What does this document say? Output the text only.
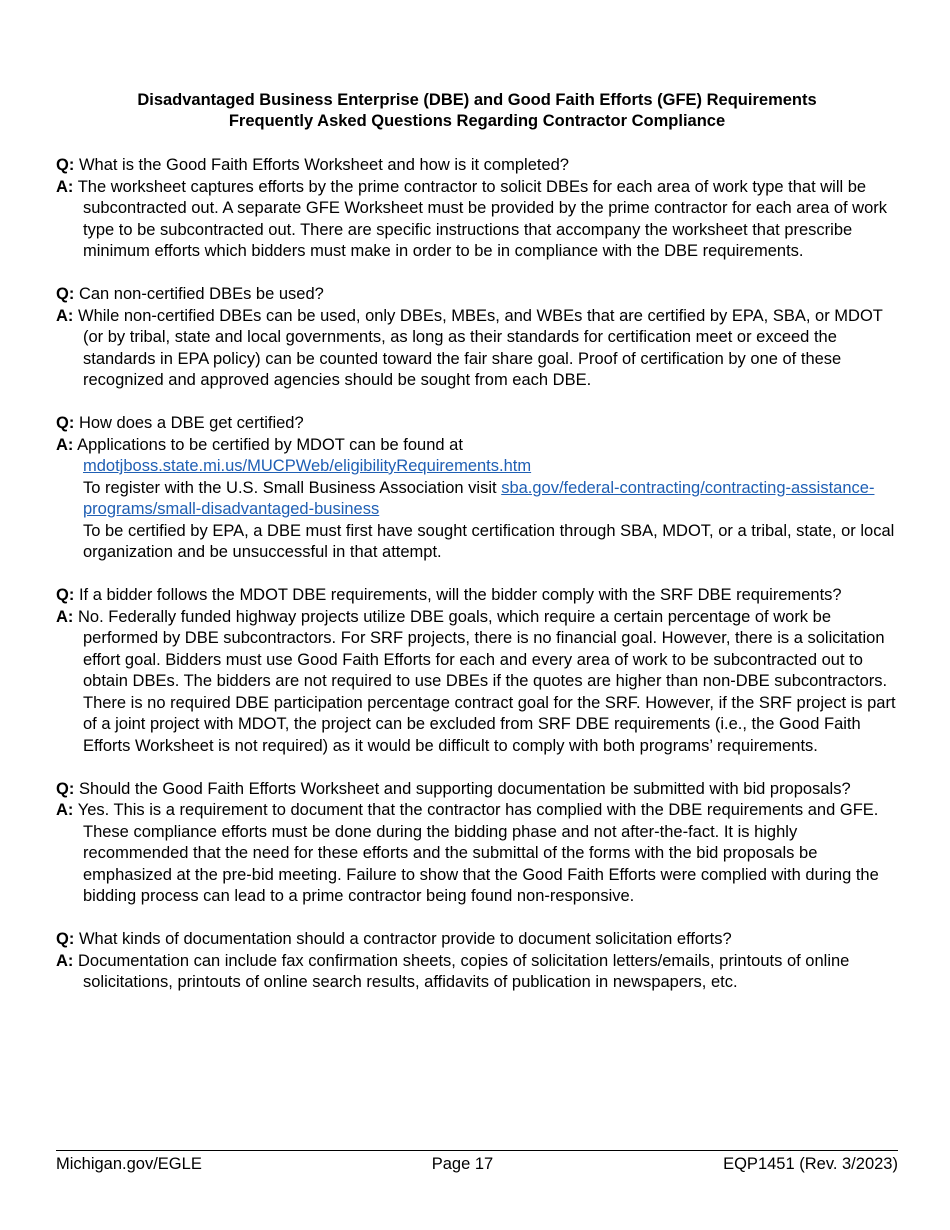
Disadvantaged Business Enterprise (DBE) and Good Faith Efforts (GFE) Requirements
Frequently Asked Questions Regarding Contractor Compliance

Q: What is the Good Faith Efforts Worksheet and how is it completed?

A: The worksheet captures efforts by the prime contractor to solicit DBEs for each area of work type that will be subcontracted out. A separate GFE Worksheet must be provided by the prime contractor for each area of work type to be subcontracted out. There are specific instructions that accompany the worksheet that prescribe minimum efforts which bidders must make in order to be in compliance with the DBE requirements.

Q: Can non-certified DBEs be used?

A: While non-certified DBEs can be used, only DBEs, MBEs, and WBEs that are certified by EPA, SBA, or MDOT (or by tribal, state and local governments, as long as their standards for certification meet or exceed the standards in EPA policy) can be counted toward the fair share goal. Proof of certification by one of these recognized and approved agencies should be sought from each DBE.

Q: How does a DBE get certified?

A: Applications to be certified by MDOT can be found at
mdotjboss.state.mi.us/MUCPWeb/eligibilityRequirements.htm
To register with the U.S. Small Business Association visit sba.gov/federal-contracting/contracting-assistance-programs/small-disadvantaged-business
To be certified by EPA, a DBE must first have sought certification through SBA, MDOT, or a tribal, state, or local organization and be unsuccessful in that attempt.

Q: If a bidder follows the MDOT DBE requirements, will the bidder comply with the SRF DBE requirements?

A: No. Federally funded highway projects utilize DBE goals, which require a certain percentage of work be performed by DBE subcontractors. For SRF projects, there is no financial goal. However, there is a solicitation effort goal. Bidders must use Good Faith Efforts for each and every area of work to be subcontracted out to obtain DBEs. The bidders are not required to use DBEs if the quotes are higher than non-DBE subcontractors. There is no required DBE participation percentage contract goal for the SRF. However, if the SRF project is part of a joint project with MDOT, the project can be excluded from SRF DBE requirements (i.e., the Good Faith Efforts Worksheet is not required) as it would be difficult to comply with both programs’ requirements.

Q: Should the Good Faith Efforts Worksheet and supporting documentation be submitted with bid proposals?

A: Yes. This is a requirement to document that the contractor has complied with the DBE requirements and GFE. These compliance efforts must be done during the bidding phase and not after-the-fact. It is highly recommended that the need for these efforts and the submittal of the forms with the bid proposals be emphasized at the pre-bid meeting. Failure to show that the Good Faith Efforts were complied with during the bidding process can lead to a prime contractor being found non-responsive.

Q: What kinds of documentation should a contractor provide to document solicitation efforts?

A: Documentation can include fax confirmation sheets, copies of solicitation letters/emails, printouts of online solicitations, printouts of online search results, affidavits of publication in newspapers, etc.

Michigan.gov/EGLE	Page 17	EQP1451 (Rev. 3/2023)
